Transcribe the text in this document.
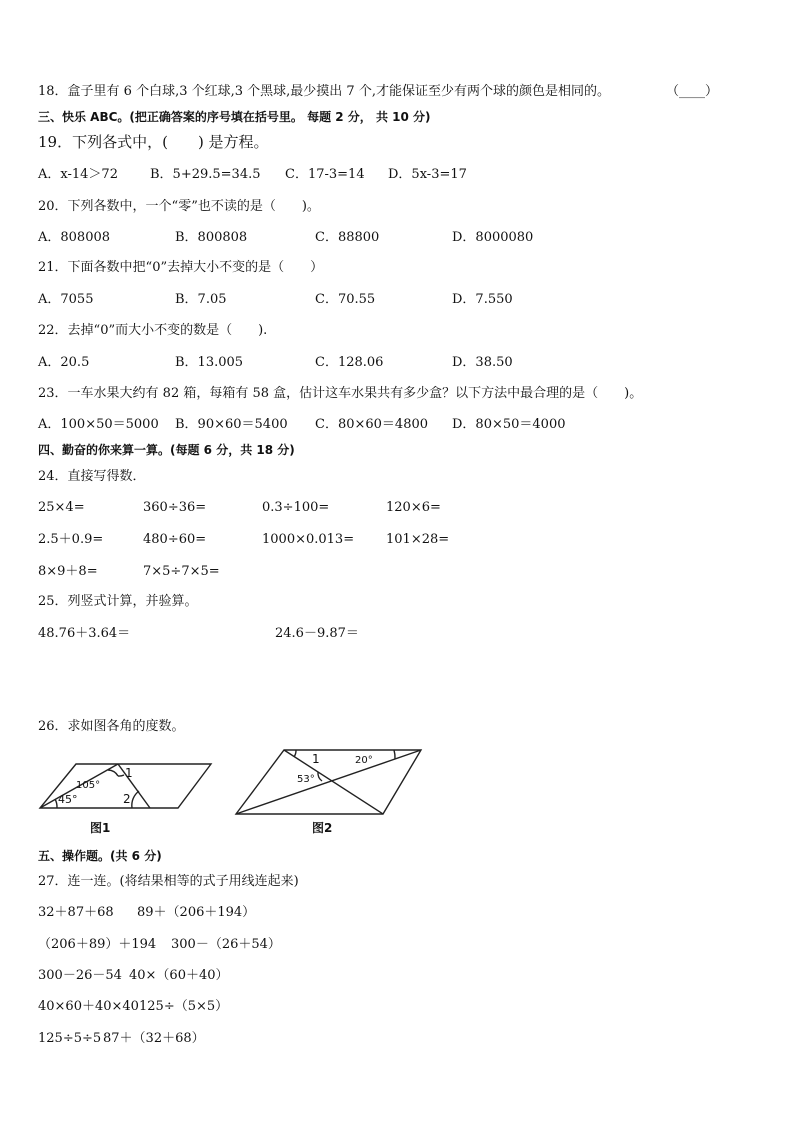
18．盒子里有 6 个白球,3 个红球,3 个黑球,最少摸出 7 个,才能保证至少有两个球的颜色是相同的。	（____）
三、快乐 ABC。(把正确答案的序号填在括号里。 每题 2 分， 共 10 分)
19．下列各式中，(　　) 是方程。
A．x-14＞72 B．5+29.5=34.5 C．17-3=14 D．5x-3=17
20．下列各数中，一个“零”也不读的是（　　)。
A．808008	B．800808	C．88800	D．8000080
21．下面各数中把“0”去掉大小不变的是（　　）
A．7055	B．7.05	C．70.55	D．7.550
22．去掉“0”而大小不变的数是（　　).
A．20.5	B．13.005	C．128.06	D．38.50
23．一车水果大约有 82 箱，每箱有 58 盒，估计这车水果共有多少盒？以下方法中最合理的是（　　)。
A．100×50＝5000 B．90×60＝5400 C．80×60＝4800 D．80×50＝4000
四、勤奋的你来算一算。(每题 6 分，共 18 分)
24．直接写得数．
25×4=	360÷36=	0.3÷100=	120×6=
2.5＋0.9=	480÷60=	1000×0.013= 101×28=
8×9＋8=	7×5÷7×5=
25．列竖式计算，并验算。
48.76＋3.64＝	24.6－9.87＝
26．求如图各角的度数。
105°
45°
1
2
图1
1	20°
53°
图2
五、操作题。(共 6 分)
27．连一连。(将结果相等的式子用线连起来)
32＋87＋68 89＋（206＋194）
（206＋89）＋194 300－（26＋54）
300－26－54 40×（60＋40）
40×60＋40×40 125÷（5×5）
125÷5÷5 87＋（32＋68）
